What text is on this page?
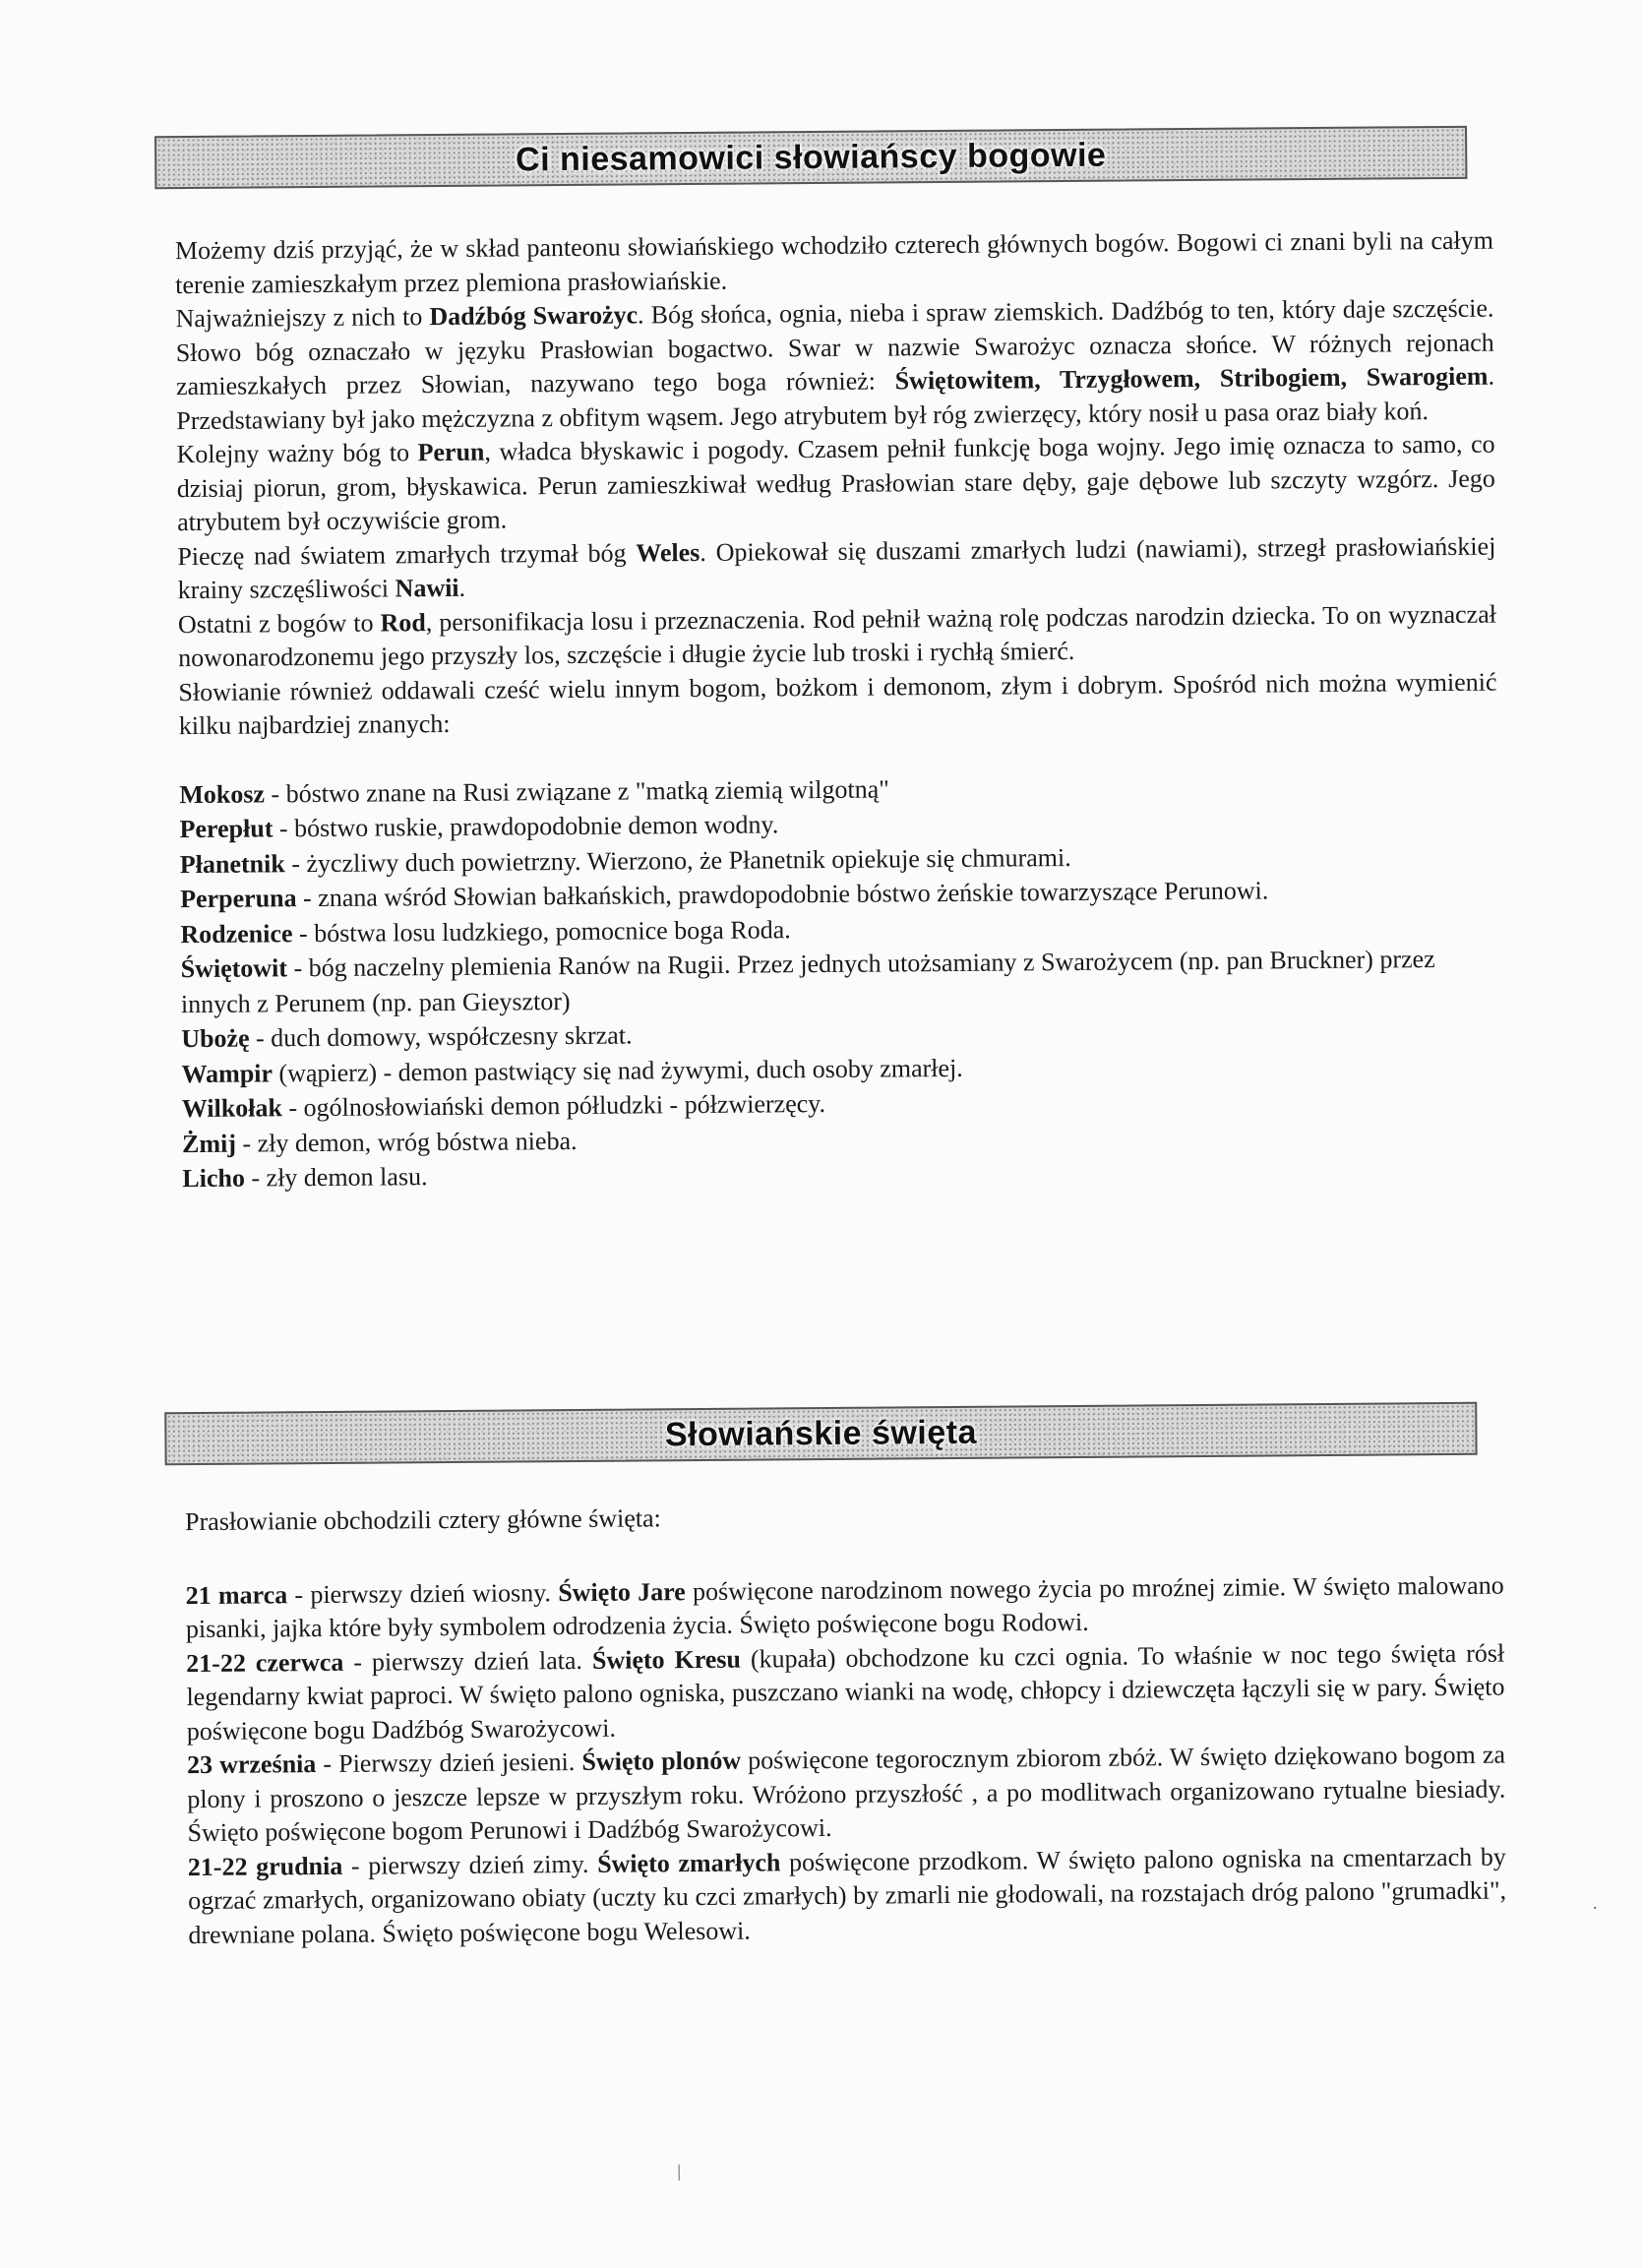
Ci niesamowici słowiańscy bogowie

Możemy dziś przyjąć, że w skład panteonu słowiańskiego wchodziło czterech głównych bogów. Bogowi ci znani byli na całym terenie zamieszkałym przez plemiona prasłowiańskie.

Najważniejszy z nich to Dadźbóg Swarożyc. Bóg słońca, ognia, nieba i spraw ziemskich. Dadźbóg to ten, który daje szczęście. Słowo bóg oznaczało w języku Prasłowian bogactwo. Swar w nazwie Swarożyc oznacza słońce. W różnych rejonach zamieszkałych przez Słowian, nazywano tego boga również: Świętowitem, Trzygłowem, Stribogiem, Swarogiem. Przedstawiany był jako mężczyzna z obfitym wąsem. Jego atrybutem był róg zwierzęcy, który nosił u pasa oraz biały koń.

Kolejny ważny bóg to Perun, władca błyskawic i pogody. Czasem pełnił funkcję boga wojny. Jego imię oznacza to samo, co dzisiaj piorun, grom, błyskawica. Perun zamieszkiwał według Prasłowian stare dęby, gaje dębowe lub szczyty wzgórz. Jego atrybutem był oczywiście grom.

Pieczę nad światem zmarłych trzymał bóg Weles. Opiekował się duszami zmarłych ludzi (nawiami), strzegł prasłowiańskiej krainy szczęśliwości Nawii.

Ostatni z bogów to Rod, personifikacja losu i przeznaczenia. Rod pełnił ważną rolę podczas narodzin dziecka. To on wyznaczał nowonarodzonemu jego przyszły los, szczęście i długie życie lub troski i rychłą śmierć.

Słowianie również oddawali cześć wielu innym bogom, bożkom i demonom, złym i dobrym. Spośród nich można wymienić kilku najbardziej znanych:

Mokosz - bóstwo znane na Rusi związane z "matką ziemią wilgotną"

Perepłut - bóstwo ruskie, prawdopodobnie demon wodny.

Płanetnik - życzliwy duch powietrzny. Wierzono, że Płanetnik opiekuje się chmurami.

Perperuna - znana wśród Słowian bałkańskich, prawdopodobnie bóstwo żeńskie towarzyszące Perunowi.

Rodzenice - bóstwa losu ludzkiego, pomocnice boga Roda.

Świętowit - bóg naczelny plemienia Ranów na Rugii. Przez jednych utożsamiany z Swarożycem (np. pan Bruckner) przez innych z Perunem (np. pan Gieysztor)

Ubożę - duch domowy, współczesny skrzat.

Wampir (wąpierz) - demon pastwiący się nad żywymi, duch osoby zmarłej.

Wilkołak - ogólnosłowiański demon półludzki - półzwierzęcy.

Żmij - zły demon, wróg bóstwa nieba.

Licho - zły demon lasu.

Słowiańskie święta

Prasłowianie obchodzili cztery główne święta:

21 marca - pierwszy dzień wiosny. Święto Jare poświęcone narodzinom nowego życia po mroźnej zimie. W święto malowano pisanki, jajka które były symbolem odrodzenia życia. Święto poświęcone bogu Rodowi.

21-22 czerwca - pierwszy dzień lata. Święto Kresu (kupała) obchodzone ku czci ognia. To właśnie w noc tego święta rósł legendarny kwiat paproci. W święto palono ogniska, puszczano wianki na wodę, chłopcy i dziewczęta łączyli się w pary. Święto poświęcone bogu Dadźbóg Swarożycowi.

23 września - Pierwszy dzień jesieni. Święto plonów poświęcone tegorocznym zbiorom zbóż. W święto dziękowano bogom za plony i proszono o jeszcze lepsze w przyszłym roku. Wróżono przyszłość , a po modlitwach organizowano rytualne biesiady. Święto poświęcone bogom Perunowi i Dadźbóg Swarożycowi.

21-22 grudnia - pierwszy dzień zimy. Święto zmarłych poświęcone przodkom. W święto palono ogniska na cmentarzach by ogrzać zmarłych, organizowano obiaty (uczty ku czci zmarłych) by zmarli nie głodowali, na rozstajach dróg palono "grumadki", drewniane polana. Święto poświęcone bogu Welesowi.

|
·
